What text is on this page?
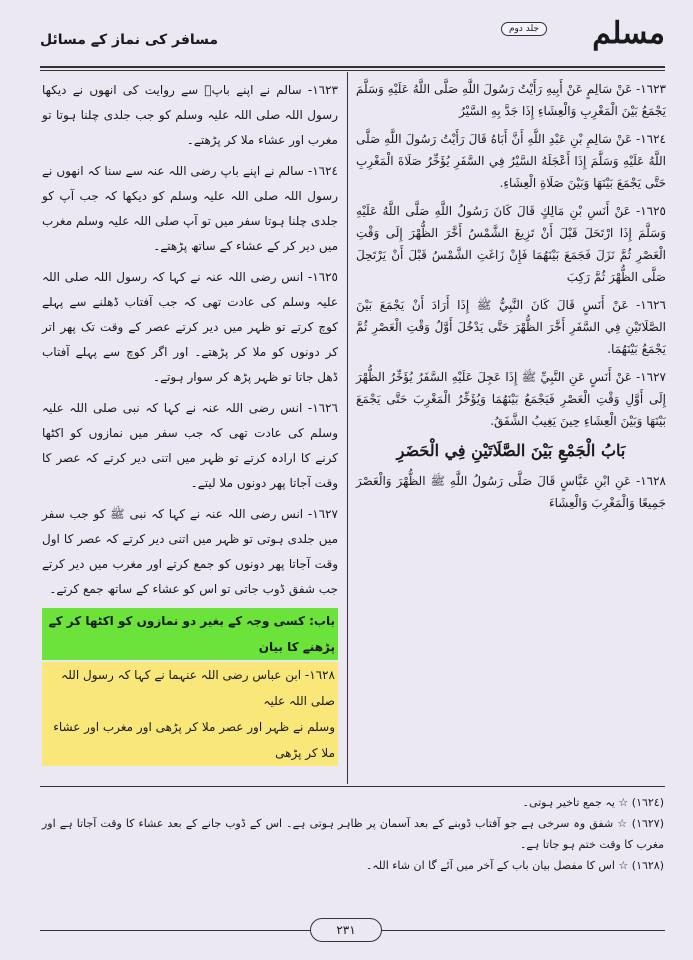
مسلم
جلد دوم
مسافر کی نماز کے مسائل

١٦٢٣- عَنْ سَالِمٍ عَنْ أَبِيهِ رَأَيْتُ رَسُولَ اللَّهِ صَلَّى اللَّهُ عَلَيْهِ وَسَلَّمَ يَجْمَعُ بَيْنَ الْمَغْرِبِ وَالْعِشَاءِ إِذَا جَدَّ بِهِ السَّيْرُ

١٦٢٤- عَنْ سَالِمِ بْنِ عَبْدِ اللَّهِ أَنَّ أَبَاهُ قَالَ رَأَيْتُ رَسُولَ اللَّهِ صَلَّى اللَّهُ عَلَيْهِ وَسَلَّمَ إِذَا أَعْجَلَهُ السَّيْرُ فِي السَّفَرِ يُؤَخِّرُ صَلَاةَ الْمَغْرِبِ حَتَّى يَجْمَعَ بَيْنَهَا وَبَيْنَ صَلَاةِ الْعِشَاءِ.

١٦٢٥- عَنْ أَنَسِ بْنِ مَالِكٍ قَالَ كَانَ رَسُولُ اللَّهِ صَلَّى اللَّهُ عَلَيْهِ وَسَلَّمَ إِذَا ارْتَحَلَ قَبْلَ أَنْ تَزِيغَ الشَّمْسُ أَخَّرَ الظُّهْرَ إِلَى وَقْتِ الْعَصْرِ ثُمَّ نَزَلَ فَجَمَعَ بَيْنَهُمَا فَإِنْ زَاغَتِ الشَّمْسُ قَبْلَ أَنْ يَرْتَحِلَ صَلَّى الظُّهْرَ ثُمَّ رَكِبَ

١٦٢٦- عَنْ أَنَسٍ قَالَ كَانَ النَّبِيُّ ﷺ إِذَا أَرَادَ أَنْ يَجْمَعَ بَيْنَ الصَّلَاتَيْنِ فِي السَّفَرِ أَخَّرَ الظُّهْرَ حَتَّى يَدْخُلَ أَوَّلُ وَقْتِ الْعَصْرِ ثُمَّ يَجْمَعُ بَيْنَهُمَا.

١٦٢٧- عَنْ أَنَسٍ عَنِ النَّبِيِّ ﷺ إِذَا عَجِلَ عَلَيْهِ السَّفَرُ يُؤَخِّرُ الظُّهْرَ إِلَى أَوَّلِ وَقْتِ الْعَصْرِ فَيَجْمَعُ بَيْنَهُمَا وَيُؤَخِّرُ الْمَغْرِبَ حَتَّى يَجْمَعَ بَيْنَهَا وَبَيْنَ الْعِشَاءِ حِينَ يَغِيبُ الشَّفَقُ.

بَابُ الْجَمْعِ بَيْنَ الصَّلَاتَيْنِ فِي الْحَضَرِ

١٦٢٨- عَنِ ابْنِ عَبَّاسٍ قَالَ صَلَّى رَسُولُ اللَّهِ ﷺ الظُّهْرَ وَالْعَصْرَ جَمِيعًا وَالْمَغْرِبَ وَالْعِشَاءَ

١٦٢٣- سالم نے اپنے باپؓ سے روایت کی انھوں نے دیکھا رسول اللہ صلی اللہ علیہ وسلم کو جب جلدی چلنا ہوتا تو مغرب اور عشاء ملا کر پڑھتے۔

١٦٢٤- سالم نے اپنے باپ رضی اللہ عنہ سے سنا کہ انھوں نے رسول اللہ صلی اللہ علیہ وسلم کو دیکھا کہ جب آپ کو جلدی چلنا ہوتا سفر میں تو آپ صلی اللہ علیہ وسلم مغرب میں دیر کر کے عشاء کے ساتھ پڑھتے۔

١٦٢٥- انس رضی اللہ عنہ نے کہا کہ رسول اللہ صلی اللہ علیہ وسلم کی عادت تھی کہ جب آفتاب ڈھلنے سے پہلے کوچ کرتے تو ظہر میں دیر کرتے عصر کے وقت تک پھر اتر کر دونوں کو ملا کر پڑھتے۔ اور اگر کوچ سے پہلے آفتاب ڈھل جاتا تو ظہر پڑھ کر سوار ہوتے۔

١٦٢٦- انس رضی اللہ عنہ نے کہا کہ نبی صلی اللہ علیہ وسلم کی عادت تھی کہ جب سفر میں نمازوں کو اکٹھا کرنے کا ارادہ کرتے تو ظہر میں اتنی دیر کرتے کہ عصر کا وقت آجاتا پھر دونوں ملا لیتے۔

١٦٢٧- انس رضی اللہ عنہ نے کہا کہ نبی ﷺ کو جب سفر میں جلدی ہوتی تو ظہر میں اتنی دیر کرتے کہ عصر کا اول وقت آجاتا پھر دونوں کو جمع کرتے اور مغرب میں دیر کرتے جب شفق ڈوب جاتی تو اس کو عشاء کے ساتھ جمع کرتے۔

باب: کسی وجہ کے بغیر دو نمازوں کو اکٹھا کر کے پڑھنے کا بیان
١٦٢٨- ابن عباس رضی اللہ عنہما نے کہا کہ رسول اللہ صلی اللہ علیہ
وسلم نے ظہر اور عصر ملا کر پڑھی اور مغرب اور عشاء ملا کر پڑھی

(١٦٢٤) ☆ یہ جمع تاخیر ہوتی۔

(١٦٢٧) ☆ شفق وہ سرخی ہے جو آفتاب ڈوبنے کے بعد آسمان پر ظاہر ہوتی ہے۔ اس کے ڈوب جانے کے بعد عشاء کا وقت آجاتا ہے اور مغرب کا وقت ختم ہو جاتا ہے۔

(١٦٢٨) ☆ اس کا مفصل بیان باب کے آخر میں آئے گا ان شاء اللہ۔

٢٣١
